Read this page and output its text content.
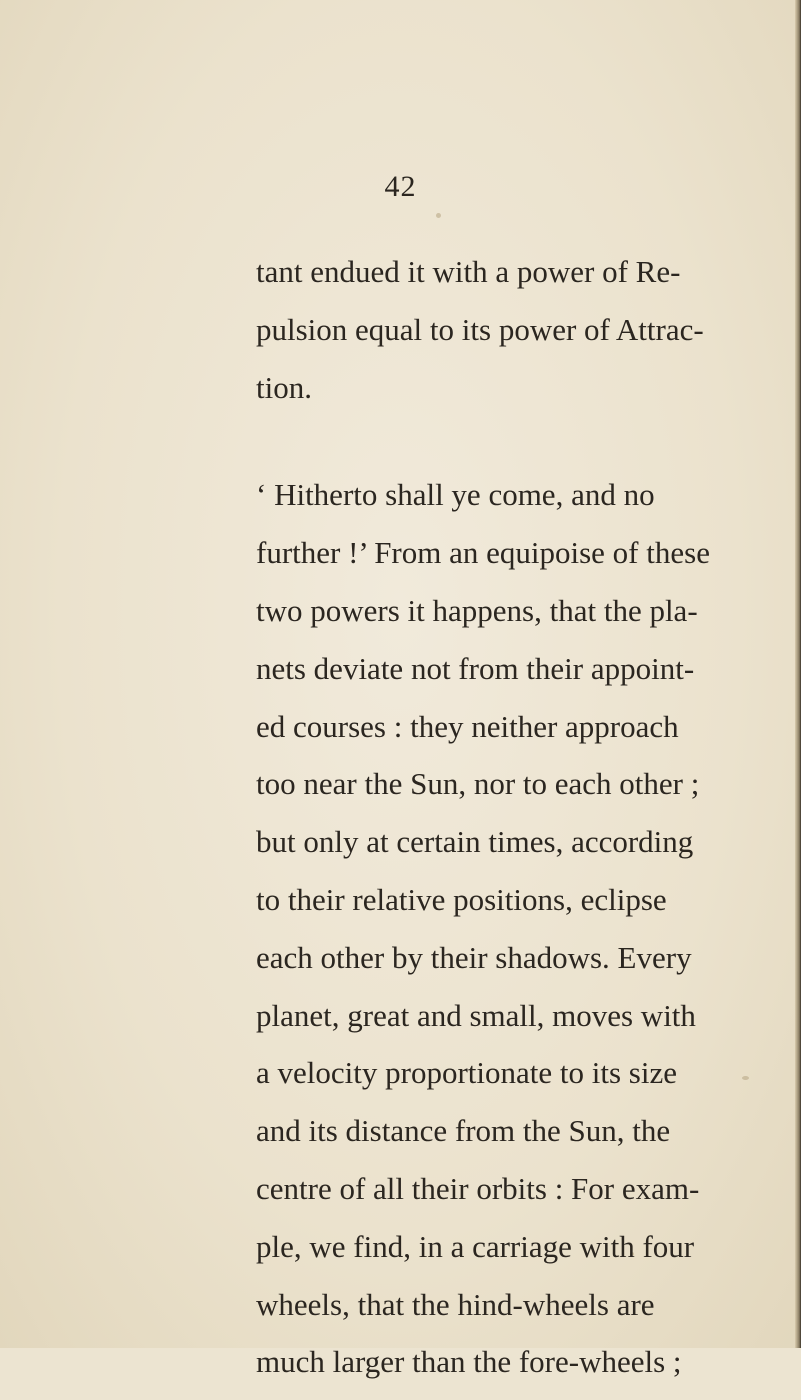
42
tant endued it with a power of Re-
pulsion equal to its power of Attrac-
tion.
‘ Hitherto shall ye come, and no
further !’ From an equipoise of these
two powers it happens, that the pla-
nets deviate not from their appoint-
ed courses : they neither approach
too near the Sun, nor to each other ;
but only at certain times, according
to their relative positions, eclipse
each other by their shadows. Every
planet, great and small, moves with
a velocity proportionate to its size
and its distance from the Sun, the
centre of all their orbits : For exam-
ple, we find, in a carriage with four
wheels, that the hind-wheels are
much larger than the fore-wheels ;
